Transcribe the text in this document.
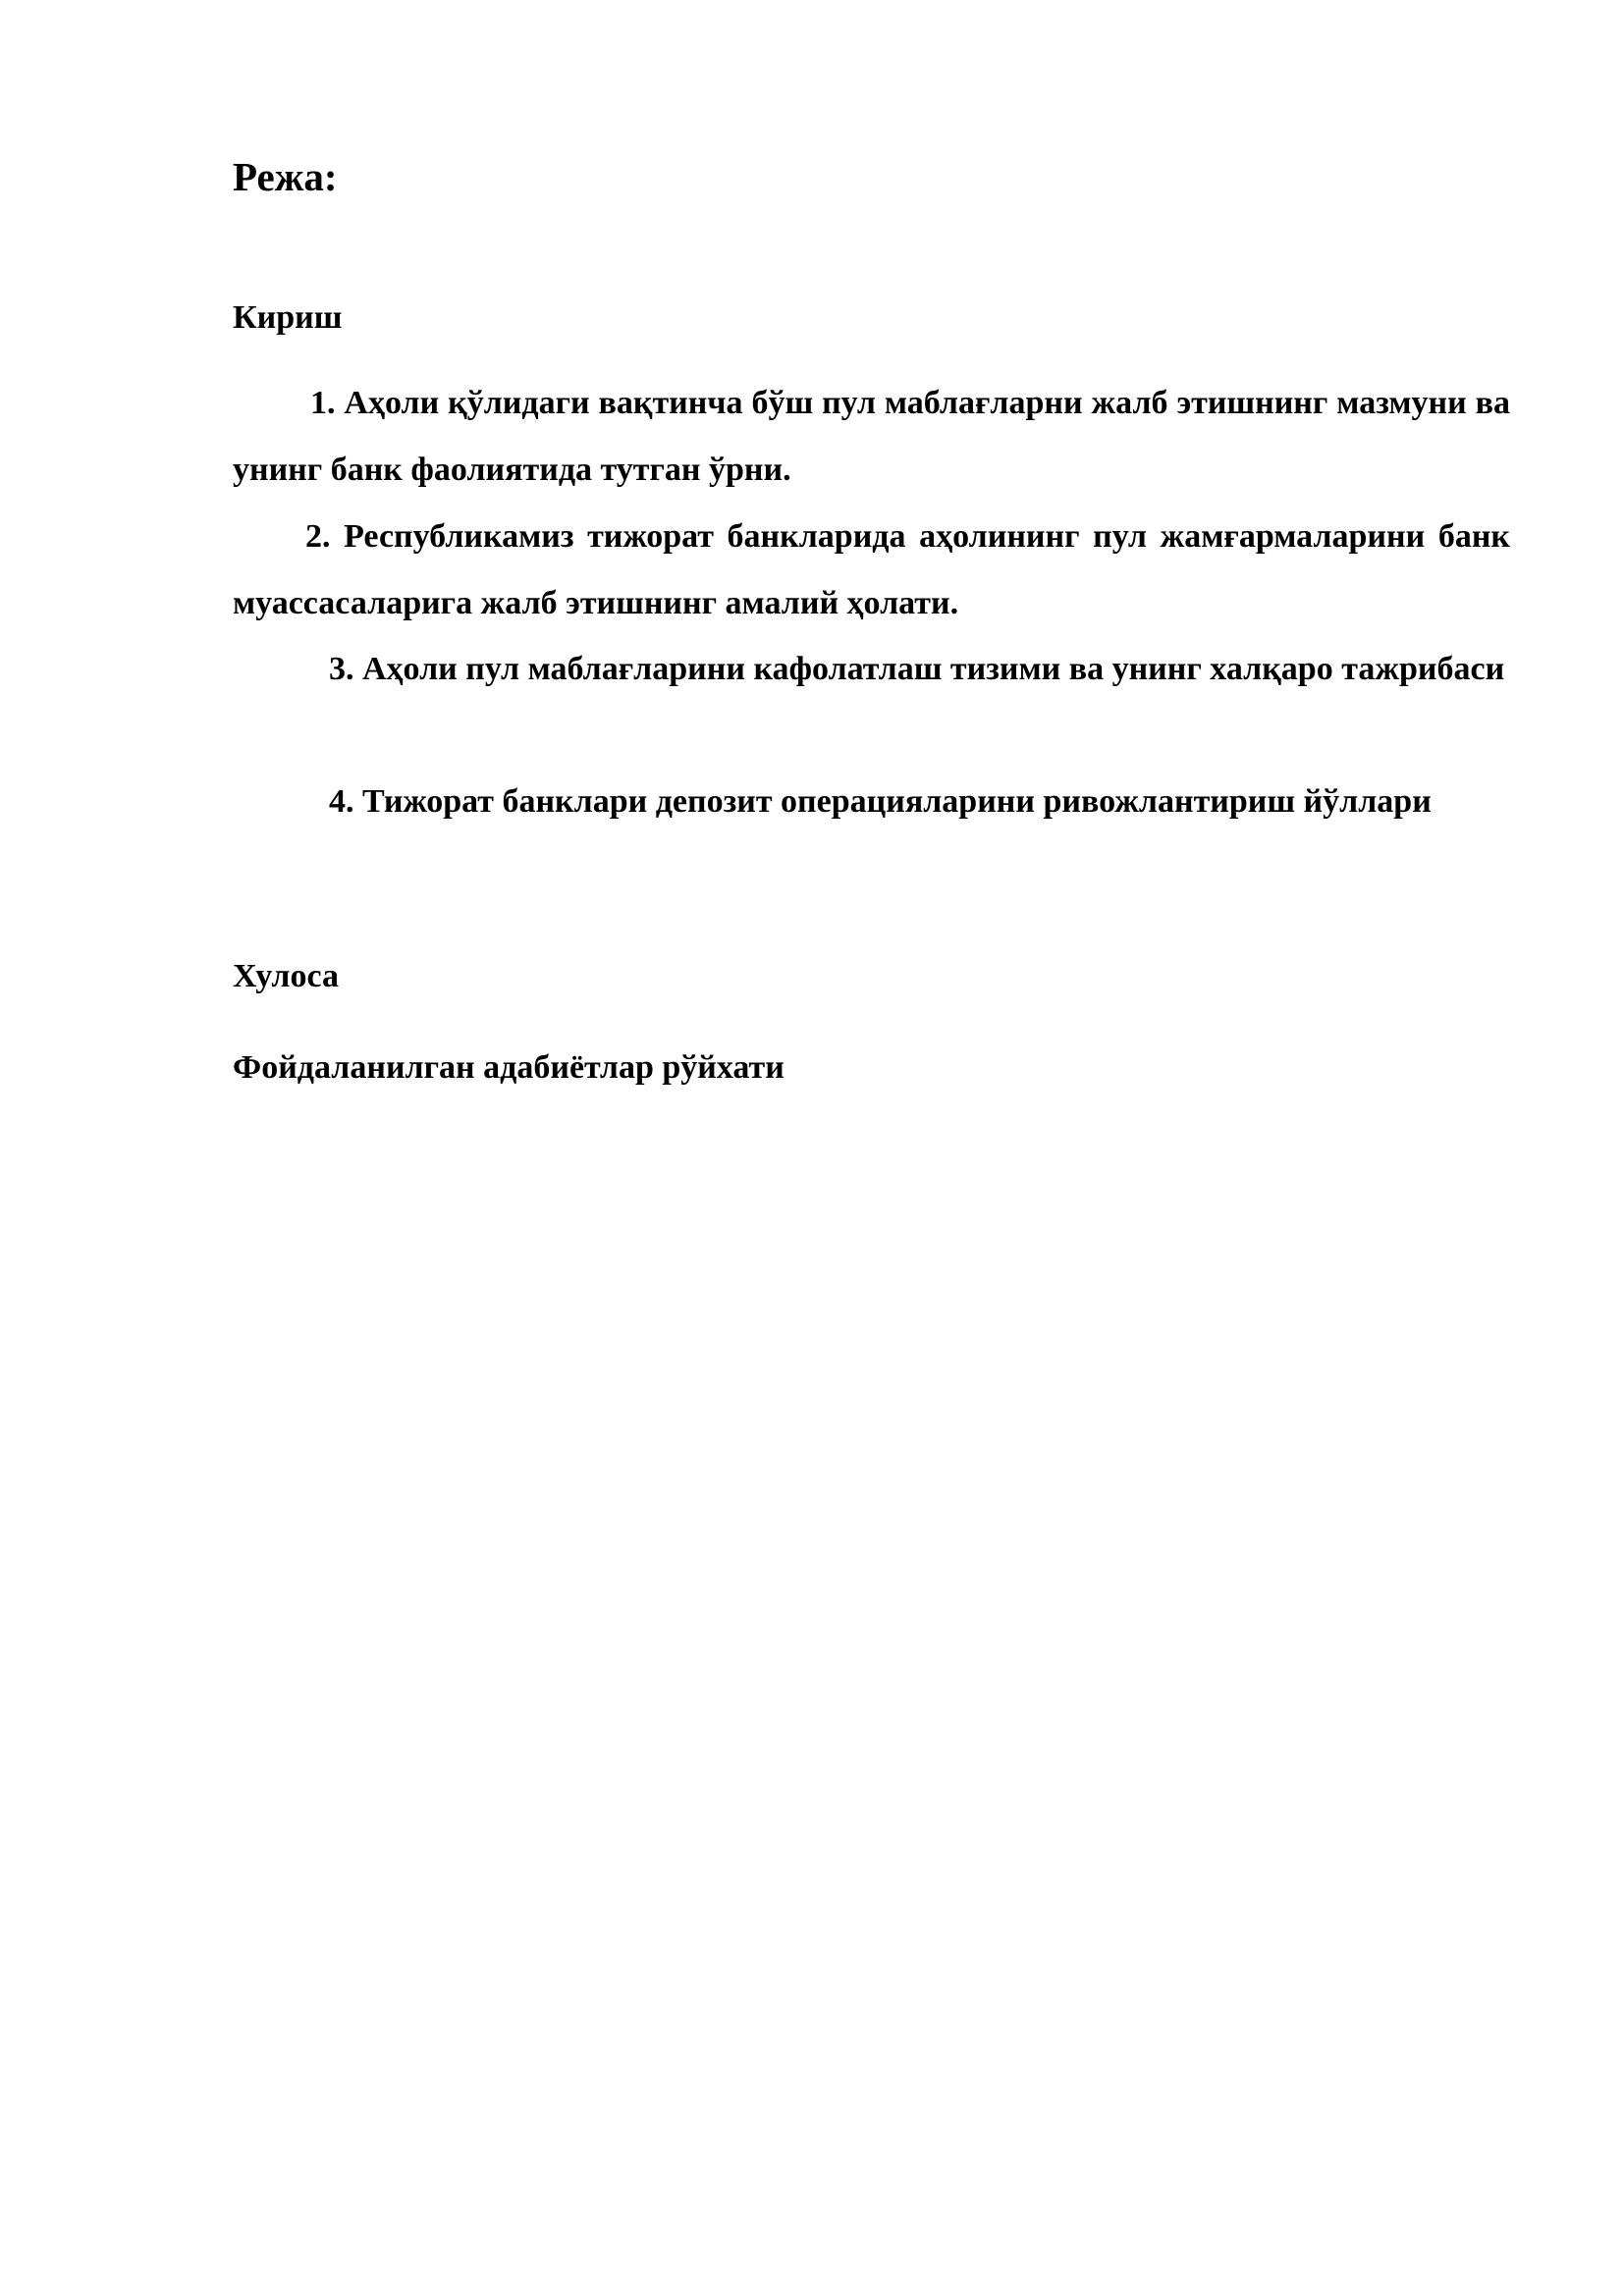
Режа:

Кириш

1. Аҳоли қўлидаги вақтинча бўш пул маблағларни жалб этишнинг мазмуни ва унинг банк фаолиятида тутган ўрни.

2. Республикамиз тижорат банкларида аҳолининг пул жамғармаларини банк муассасаларига жалб этишнинг амалий ҳолати.

3. Аҳоли пул маблағларини кафолатлаш тизими ва унинг халқаро тажрибаси

4. Тижорат банклари депозит операцияларини ривожлантириш йўллари

Хулоса

Фойдаланилган адабиётлар рўйхати
